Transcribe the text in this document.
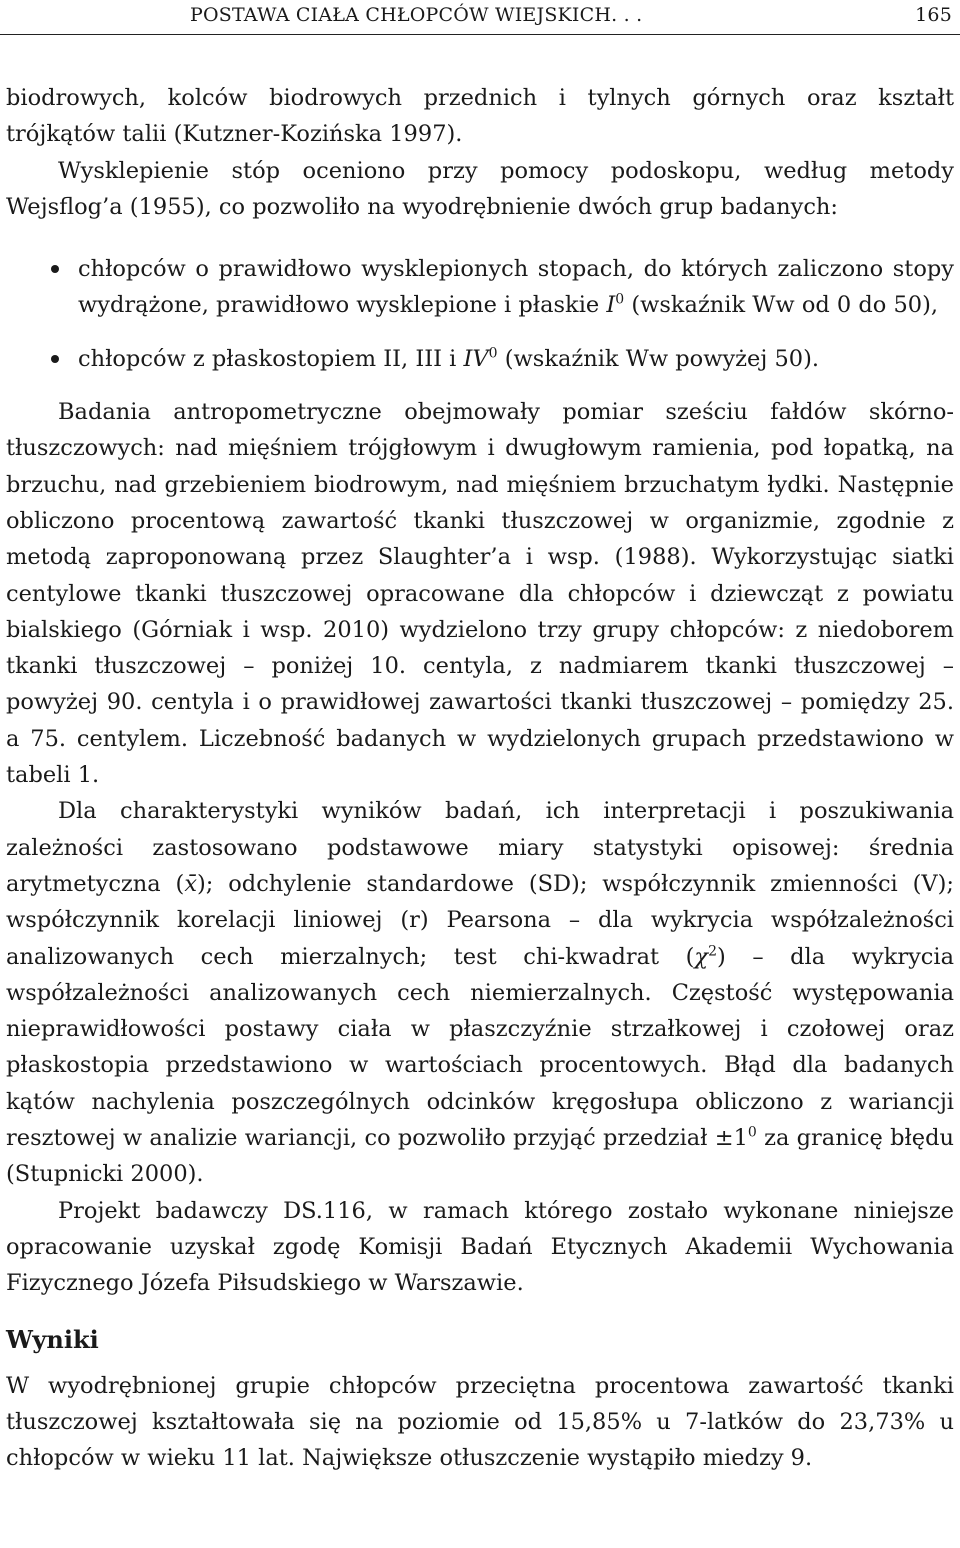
POSTAWA CIAŁA CHŁOPCÓW WIEJSKICH. . .	165

biodrowych, kolców biodrowych przednich i tylnych górnych oraz kształt trójkątów talii (Kutzner-Kozińska 1997).

Wysklepienie stóp oceniono przy pomocy podoskopu, według metody Wejsflog’a (1955), co pozwoliło na wyodrębnienie dwóch grup badanych:

chłopców o prawidłowo wysklepionych stopach, do których zaliczono stopy wydrążone, prawidłowo wysklepione i płaskie $I^0$ (wskaźnik Ww od 0 do 50),
chłopców z płaskostopiem II, III i $IV^0$ (wskaźnik Ww powyżej 50).

Badania antropometryczne obejmowały pomiar sześciu fałdów skórno-tłuszczowych: nad mięśniem trójgłowym i dwugłowym ramienia, pod łopatką, na brzuchu, nad grzebieniem biodrowym, nad mięśniem brzuchatym łydki. Następnie obliczono procentową zawartość tkanki tłuszczowej w organizmie, zgodnie z metodą zaproponowaną przez Slaughter’a i wsp. (1988). Wykorzystując siatki centylowe tkanki tłuszczowej opracowane dla chłopców i dziewcząt z powiatu bialskiego (Górniak i wsp. 2010) wydzielono trzy grupy chłopców: z niedoborem tkanki tłuszczowej – poniżej 10. centyla, z nadmiarem tkanki tłuszczowej – powyżej 90. centyla i o prawidłowej zawartości tkanki tłuszczowej – pomiędzy 25. a 75. centylem. Liczebność badanych w wydzielonych grupach przedstawiono w tabeli 1.

Dla charakterystyki wyników badań, ich interpretacji i poszukiwania zależności zastosowano podstawowe miary statystyki opisowej: średnia arytmetyczna (x̄); odchylenie standardowe (SD); współczynnik zmienności (V); współczynnik korelacji liniowej (r) Pearsona – dla wykrycia współzależności analizowanych cech mierzalnych; test chi-kwadrat $(\chi^2)$ – dla wykrycia współzależności analizowanych cech niemierzalnych. Częstość występowania nieprawidłowości postawy ciała w płaszczyźnie strzałkowej i czołowej oraz płaskostopia przedstawiono w wartościach procentowych. Błąd dla badanych kątów nachylenia poszczególnych odcinków kręgosłupa obliczono z wariancji resztowej w analizie wariancji, co pozwoliło przyjąć przedział $\pm 1^0$ za granicę błędu (Stupnicki 2000).

Projekt badawczy DS.116, w ramach którego zostało wykonane niniejsze opracowanie uzyskał zgodę Komisji Badań Etycznych Akademii Wychowania Fizycznego Józefa Piłsudskiego w Warszawie.

Wyniki

W wyodrębnionej grupie chłopców przeciętna procentowa zawartość tkanki tłuszczowej kształtowała się na poziomie od 15,85% u 7-latków do 23,73% u chłopców w wieku 11 lat. Największe otłuszczenie wystąpiło miedzy 9.
